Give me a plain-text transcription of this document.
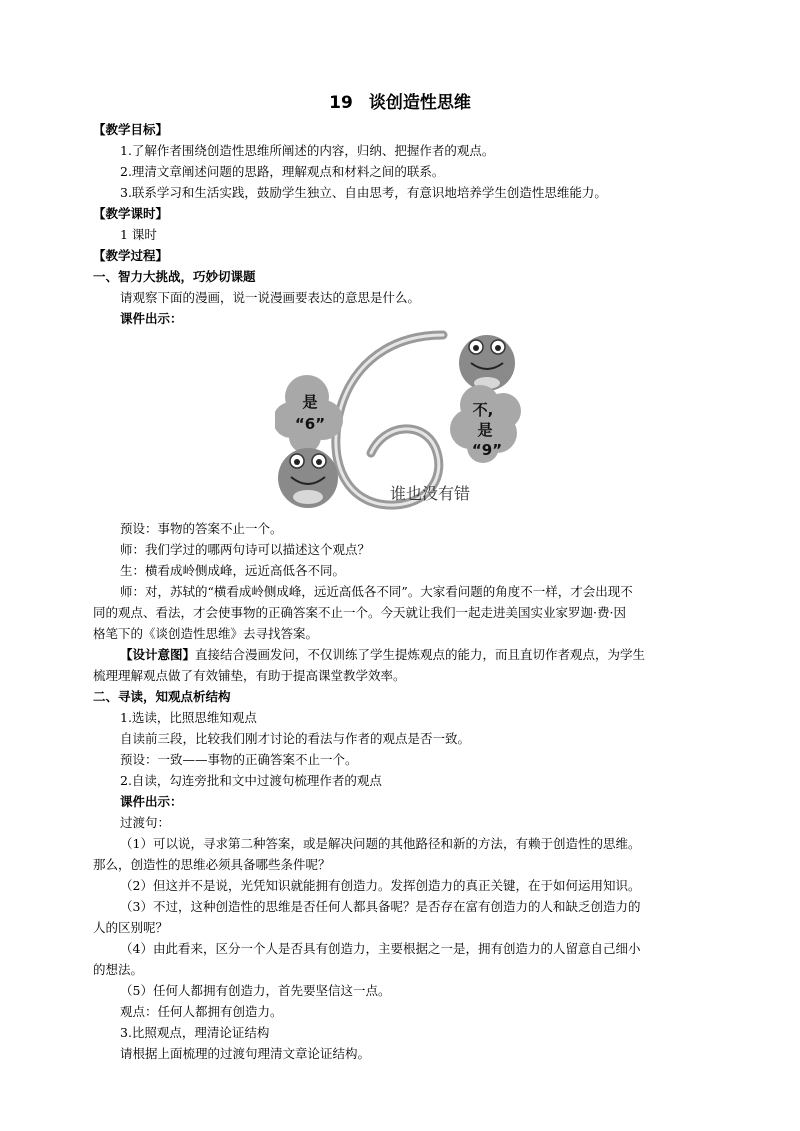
19 谈创造性思维
【教学目标】
1.了解作者围绕创造性思维所阐述的内容，归纳、把握作者的观点。
2.理清文章阐述问题的思路，理解观点和材料之间的联系。
3.联系学习和生活实践，鼓励学生独立、自由思考，有意识地培养学生创造性思维能力。
【教学课时】
1 课时
【教学过程】
一、智力大挑战，巧妙切课题
请观察下面的漫画，说一说漫画要表达的意思是什么。
课件出示：
是
“6”
不,
是
“9”
谁也没有错
预设：事物的答案不止一个。
师：我们学过的哪两句诗可以描述这个观点？
生：横看成岭侧成峰，远近高低各不同。
师：对，苏轼的“横看成岭侧成峰，远近高低各不同”。大家看问题的角度不一样，才会出现不
同的观点、看法，才会使事物的正确答案不止一个。今天就让我们一起走进美国实业家罗迦·费·因
格笔下的《谈创造性思维》去寻找答案。
【设计意图】直接结合漫画发问，不仅训练了学生提炼观点的能力，而且直切作者观点，为学生
梳理理解观点做了有效铺垫，有助于提高课堂教学效率。
二、寻读，知观点析结构
1.选读，比照思维知观点
自读前三段，比较我们刚才讨论的看法与作者的观点是否一致。
预设：一致——事物的正确答案不止一个。
2.自读，勾连旁批和文中过渡句梳理作者的观点
课件出示：
过渡句：
（1）可以说，寻求第二种答案，或是解决问题的其他路径和新的方法，有赖于创造性的思维。
那么，创造性的思维必须具备哪些条件呢？
（2）但这并不是说，光凭知识就能拥有创造力。发挥创造力的真正关键，在于如何运用知识。
（3）不过，这种创造性的思维是否任何人都具备呢？是否存在富有创造力的人和缺乏创造力的
人的区别呢？
（4）由此看来，区分一个人是否具有创造力，主要根据之一是，拥有创造力的人留意自己细小
的想法。
（5）任何人都拥有创造力，首先要坚信这一点。
观点：任何人都拥有创造力。
3.比照观点，理清论证结构
请根据上面梳理的过渡句理清文章论证结构。
